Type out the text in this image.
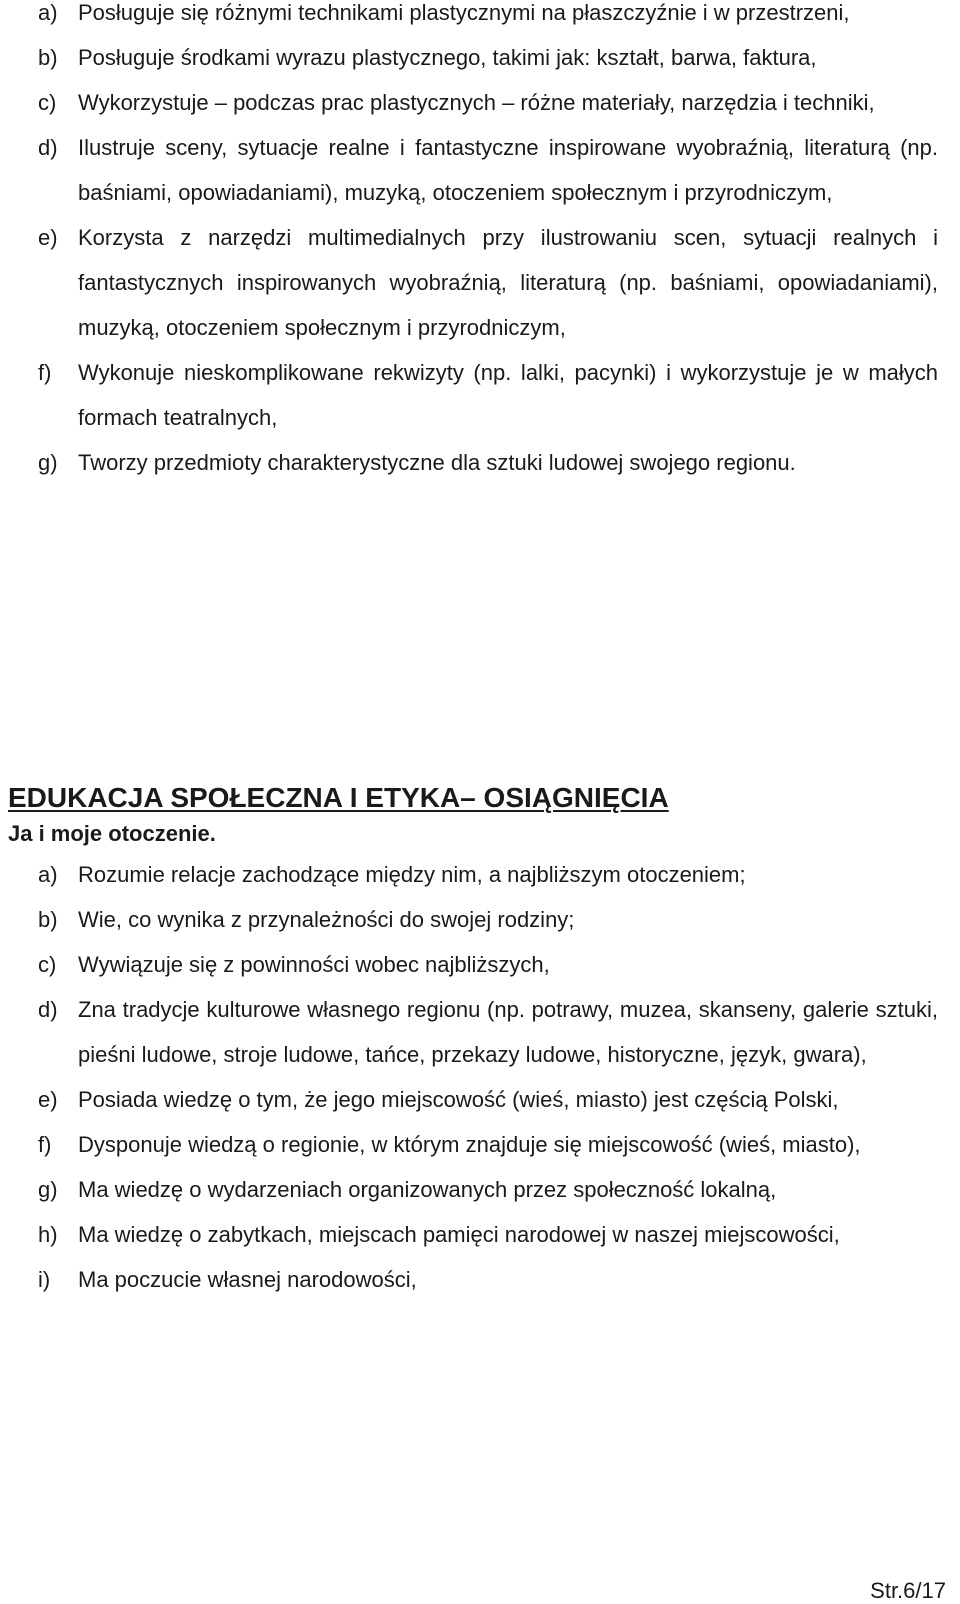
a) Posługuje się różnymi technikami plastycznymi na płaszczyźnie i w przestrzeni,
b) Posługuje środkami wyrazu plastycznego, takimi jak: kształt, barwa, faktura,
c) Wykorzystuje – podczas prac plastycznych – różne materiały, narzędzia i techniki,
d) Ilustruje sceny, sytuacje realne i fantastyczne inspirowane wyobraźnią, literaturą (np. baśniami, opowiadaniami), muzyką, otoczeniem społecznym i przyrodniczym,
e) Korzysta z narzędzi multimedialnych przy ilustrowaniu scen, sytuacji realnych i fantastycznych inspirowanych wyobraźnią, literaturą (np. baśniami, opowiadaniami), muzyką, otoczeniem społecznym i przyrodniczym,
f)	Wykonuje nieskomplikowane rekwizyty (np. lalki, pacynki) i wykorzystuje je w małych formach teatralnych,
g) Tworzy przedmioty charakterystyczne dla sztuki ludowej swojego regionu.
EDUKACJA SPOŁECZNA I ETYKA– OSIĄGNIĘCIA
Ja i moje otoczenie.
a) Rozumie relacje zachodzące między nim, a najbliższym otoczeniem;
b) Wie, co wynika z przynależności do swojej rodziny;
c) Wywiązuje się z powinności wobec najbliższych,
d) Zna tradycje kulturowe własnego regionu (np. potrawy, muzea, skanseny, galerie sztuki, pieśni ludowe, stroje ludowe, tańce, przekazy ludowe, historyczne, język, gwara),
e) Posiada wiedzę o tym, że jego miejscowość (wieś, miasto) jest częścią Polski,
f)	Dysponuje wiedzą o regionie, w którym znajduje się miejscowość (wieś, miasto),
g) Ma wiedzę o wydarzeniach organizowanych przez społeczność lokalną,
h) Ma wiedzę o zabytkach, miejscach pamięci narodowej w naszej miejscowości,
i)	Ma poczucie własnej narodowości,
Str.6/17
